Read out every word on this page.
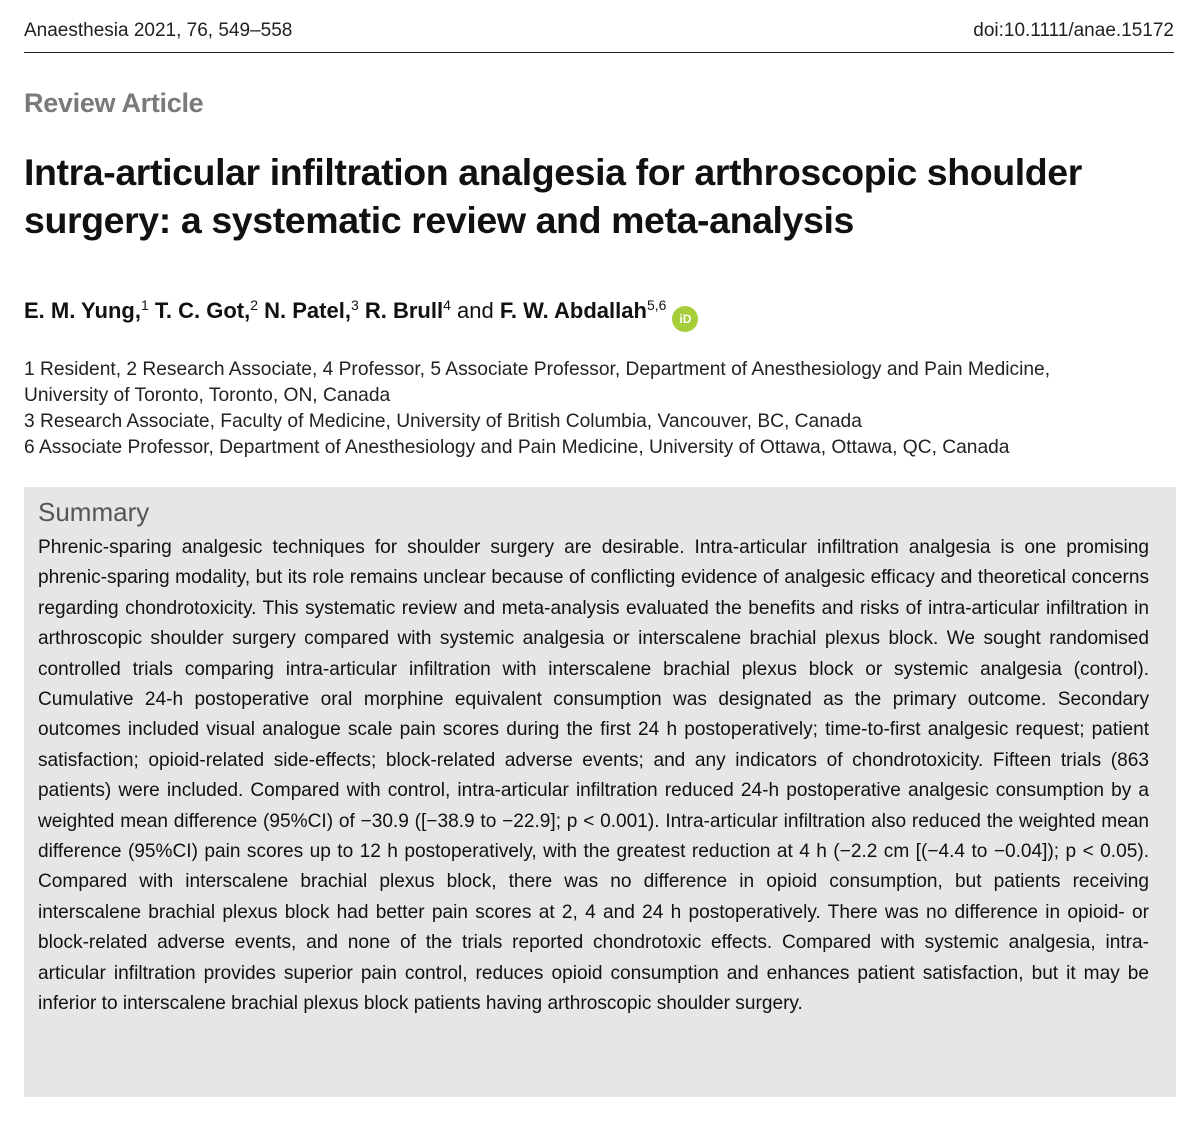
Anaesthesia 2021, 76, 549–558	doi:10.1111/anae.15172
Review Article
Intra-articular infiltration analgesia for arthroscopic shoulder surgery: a systematic review and meta-analysis
E. M. Yung,$^1$ T. C. Got,$^2$ N. Patel,$^3$ R. Brull$^4$ and F. W. Abdallah$^{5,6}$iD
1 Resident, 2 Research Associate, 4 Professor, 5 Associate Professor, Department of Anesthesiology and Pain Medicine,
University of Toronto, Toronto, ON, Canada
3 Research Associate, Faculty of Medicine, University of British Columbia, Vancouver, BC, Canada
6 Associate Professor, Department of Anesthesiology and Pain Medicine, University of Ottawa, Ottawa, QC, Canada
Summary

Phrenic-sparing analgesic techniques for shoulder surgery are desirable. Intra-articular infiltration analgesia is one promising phrenic-sparing modality, but its role remains unclear because of conflicting evidence of analgesic efficacy and theoretical concerns regarding chondrotoxicity. This systematic review and meta-analysis evaluated the benefits and risks of intra-articular infiltration in arthroscopic shoulder surgery compared with systemic analgesia or interscalene brachial plexus block. We sought randomised controlled trials comparing intra-articular infiltration with interscalene brachial plexus block or systemic analgesia (control). Cumulative 24-h postoperative oral morphine equivalent consumption was designated as the primary outcome. Secondary outcomes included visual analogue scale pain scores during the first 24 h postoperatively; time-to-first analgesic request; patient satisfaction; opioid-related side-effects; block-related adverse events; and any indicators of chondrotoxicity. Fifteen trials (863 patients) were included. Compared with control, intra-articular infiltration reduced 24-h postoperative analgesic consumption by a weighted mean difference (95%CI) of −30.9 ([−38.9 to −22.9]; p < 0.001). Intra-articular infiltration also reduced the weighted mean difference (95%CI) pain scores up to 12 h postoperatively, with the greatest reduction at 4 h (−2.2 cm [(−4.4 to −0.04]); p < 0.05). Compared with interscalene brachial plexus block, there was no difference in opioid consumption, but patients receiving interscalene brachial plexus block had better pain scores at 2, 4 and 24 h postoperatively. There was no difference in opioid- or block-related adverse events, and none of the trials reported chondrotoxic effects. Compared with systemic analgesia, intra-articular infiltration provides superior pain control, reduces opioid consumption and enhances patient satisfaction, but it may be inferior to interscalene brachial plexus block patients having arthroscopic shoulder surgery.
